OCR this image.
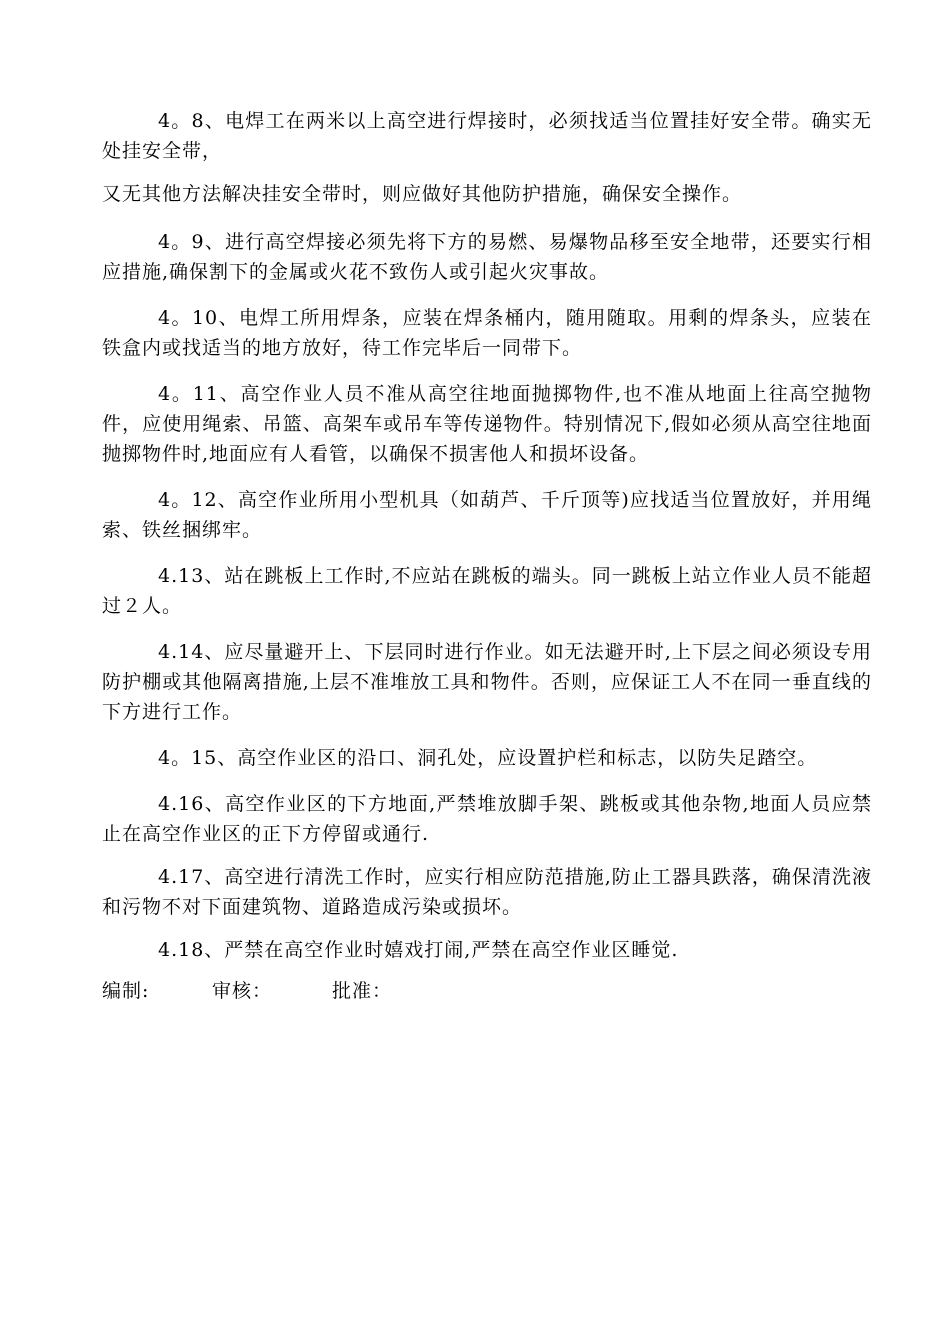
4。8、电焊工在两米以上高空进行焊接时，必须找适当位置挂好安全带。确实无处挂安全带，

又无其他方法解决挂安全带时，则应做好其他防护措施，确保安全操作。

4。9、进行高空焊接必须先将下方的易燃、易爆物品移至安全地带，还要实行相应措施,确保割下的金属或火花不致伤人或引起火灾事故。

4。10、电焊工所用焊条，应装在焊条桶内，随用随取。用剩的焊条头，应装在铁盒内或找适当的地方放好，待工作完毕后一同带下。

4。11、高空作业人员不准从高空往地面抛掷物件,也不准从地面上往高空抛物件，应使用绳索、吊篮、高架车或吊车等传递物件。特别情况下,假如必须从高空往地面抛掷物件时,地面应有人看管，以确保不损害他人和损坏设备。

4。12、高空作业所用小型机具（如葫芦、千斤顶等)应找适当位置放好，并用绳索、铁丝捆绑牢。

4.13、站在跳板上工作时,不应站在跳板的端头。同一跳板上站立作业人员不能超过２人。

4.14、应尽量避开上、下层同时进行作业。如无法避开时,上下层之间必须设专用防护棚或其他隔离措施,上层不准堆放工具和物件。否则，应保证工人不在同一垂直线的下方进行工作。

4。15、高空作业区的沿口、洞孔处，应设置护栏和标志，以防失足踏空。

4.16、高空作业区的下方地面,严禁堆放脚手架、跳板或其他杂物,地面人员应禁止在高空作业区的正下方停留或通行.

4.17、高空进行清洗工作时，应实行相应防范措施,防止工器具跌落，确保清洗液和污物不对下面建筑物、道路造成污染或损坏。

4.18、严禁在高空作业时嬉戏打闹,严禁在高空作业区睡觉.

编制:	审核：	批准：
